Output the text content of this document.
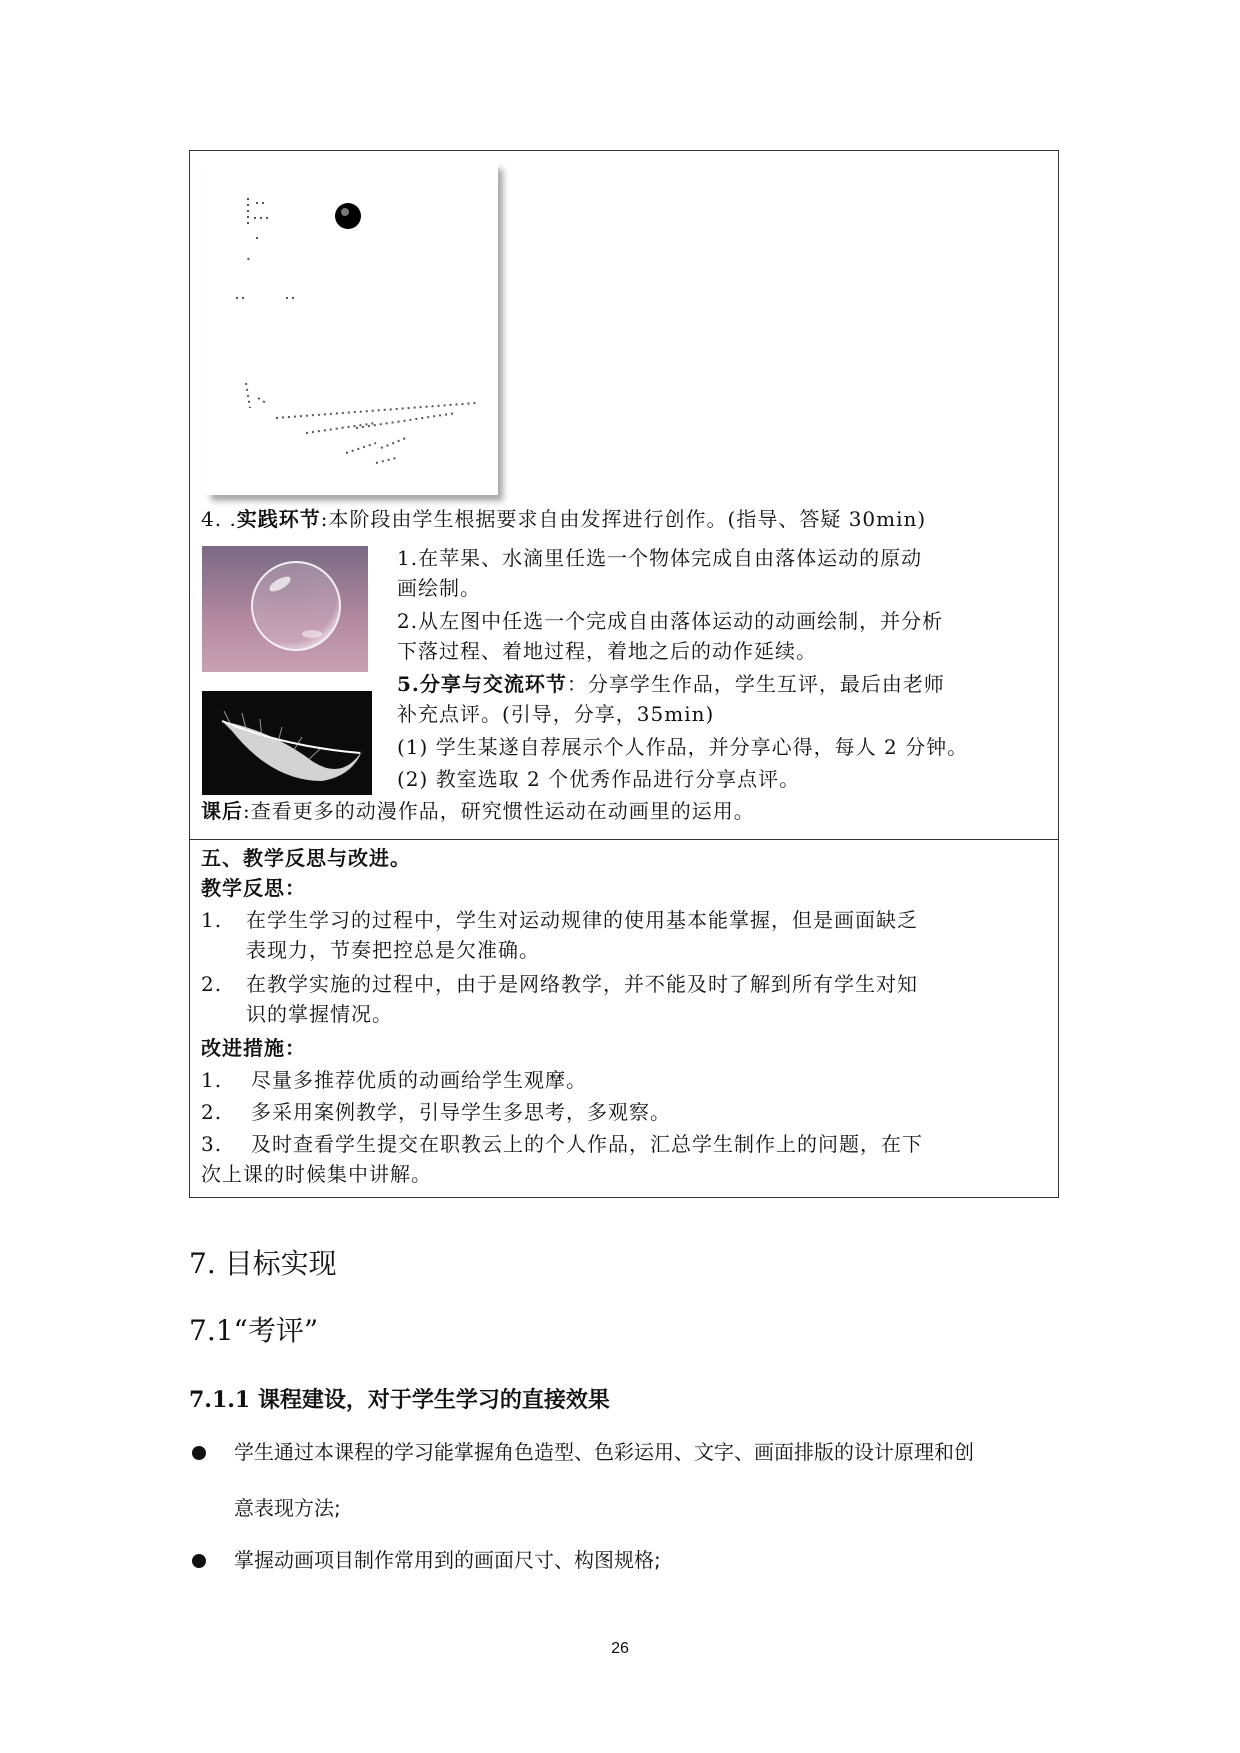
4. .实践环节:本阶段由学生根据要求自由发挥进行创作。(指导、答疑 30min)
1.在苹果、水滴里任选一个物体完成自由落体运动的原动
画绘制。
2.从左图中任选一个完成自由落体运动的动画绘制，并分析
下落过程、着地过程，着地之后的动作延续。
5.分享与交流环节：分享学生作品，学生互评，最后由老师
补充点评。(引导，分享，35min)
(1) 学生某遂自荐展示个人作品，并分享心得，每人 2 分钟。
(2) 教室选取 2 个优秀作品进行分享点评。
课后:查看更多的动漫作品，研究惯性运动在动画里的运用。
五、教学反思与改进。
教学反思：
1. 在学生学习的过程中，学生对运动规律的使用基本能掌握，但是画面缺乏
表现力，节奏把控总是欠准确。
2. 在教学实施的过程中，由于是网络教学，并不能及时了解到所有学生对知
识的掌握情况。
改进措施：
1. 尽量多推荐优质的动画给学生观摩。
2. 多采用案例教学，引导学生多思考，多观察。
3. 及时查看学生提交在职教云上的个人作品，汇总学生制作上的问题，在下
次上课的时候集中讲解。
7. 目标实现
7.1“考评”
7.1.1 课程建设，对于学生学习的直接效果
学生通过本课程的学习能掌握角色造型、色彩运用、文字、画面排版的设计原理和创
意表现方法;
掌握动画项目制作常用到的画面尺寸、构图规格;
26
